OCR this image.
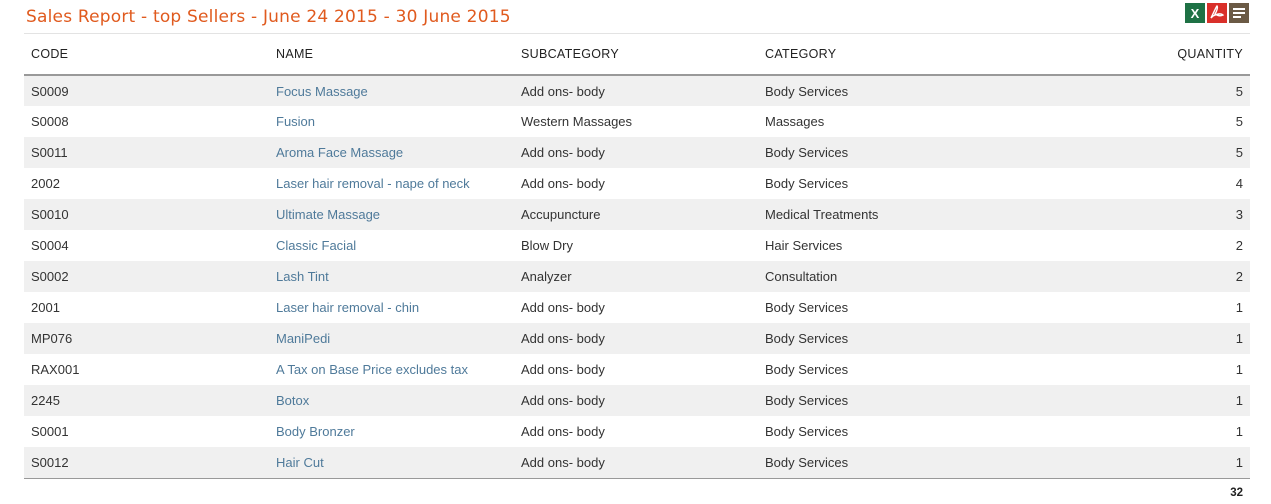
Sales Report - top Sellers - June 24 2015 - 30 June 2015	X
CODE	NAME	SUBCATEGORY	CATEGORY	QUANTITY
S0009	Focus Massage	Add ons- body	Body Services	5
S0008	Fusion	Western Massages	Massages	5
S0011	Aroma Face Massage	Add ons- body	Body Services	5
2002	Laser hair removal - nape of neck	Add ons- body	Body Services	4
S0010	Ultimate Massage	Accupuncture	Medical Treatments	3
S0004	Classic Facial	Blow Dry	Hair Services	2
S0002	Lash Tint	Analyzer	Consultation	2
2001	Laser hair removal - chin	Add ons- body	Body Services	1
MP076	ManiPedi	Add ons- body	Body Services	1
RAX001	A Tax on Base Price excludes tax	Add ons- body	Body Services	1
2245	Botox	Add ons- body	Body Services	1
S0001	Body Bronzer	Add ons- body	Body Services	1
S0012	Hair Cut	Add ons- body	Body Services	1
32
